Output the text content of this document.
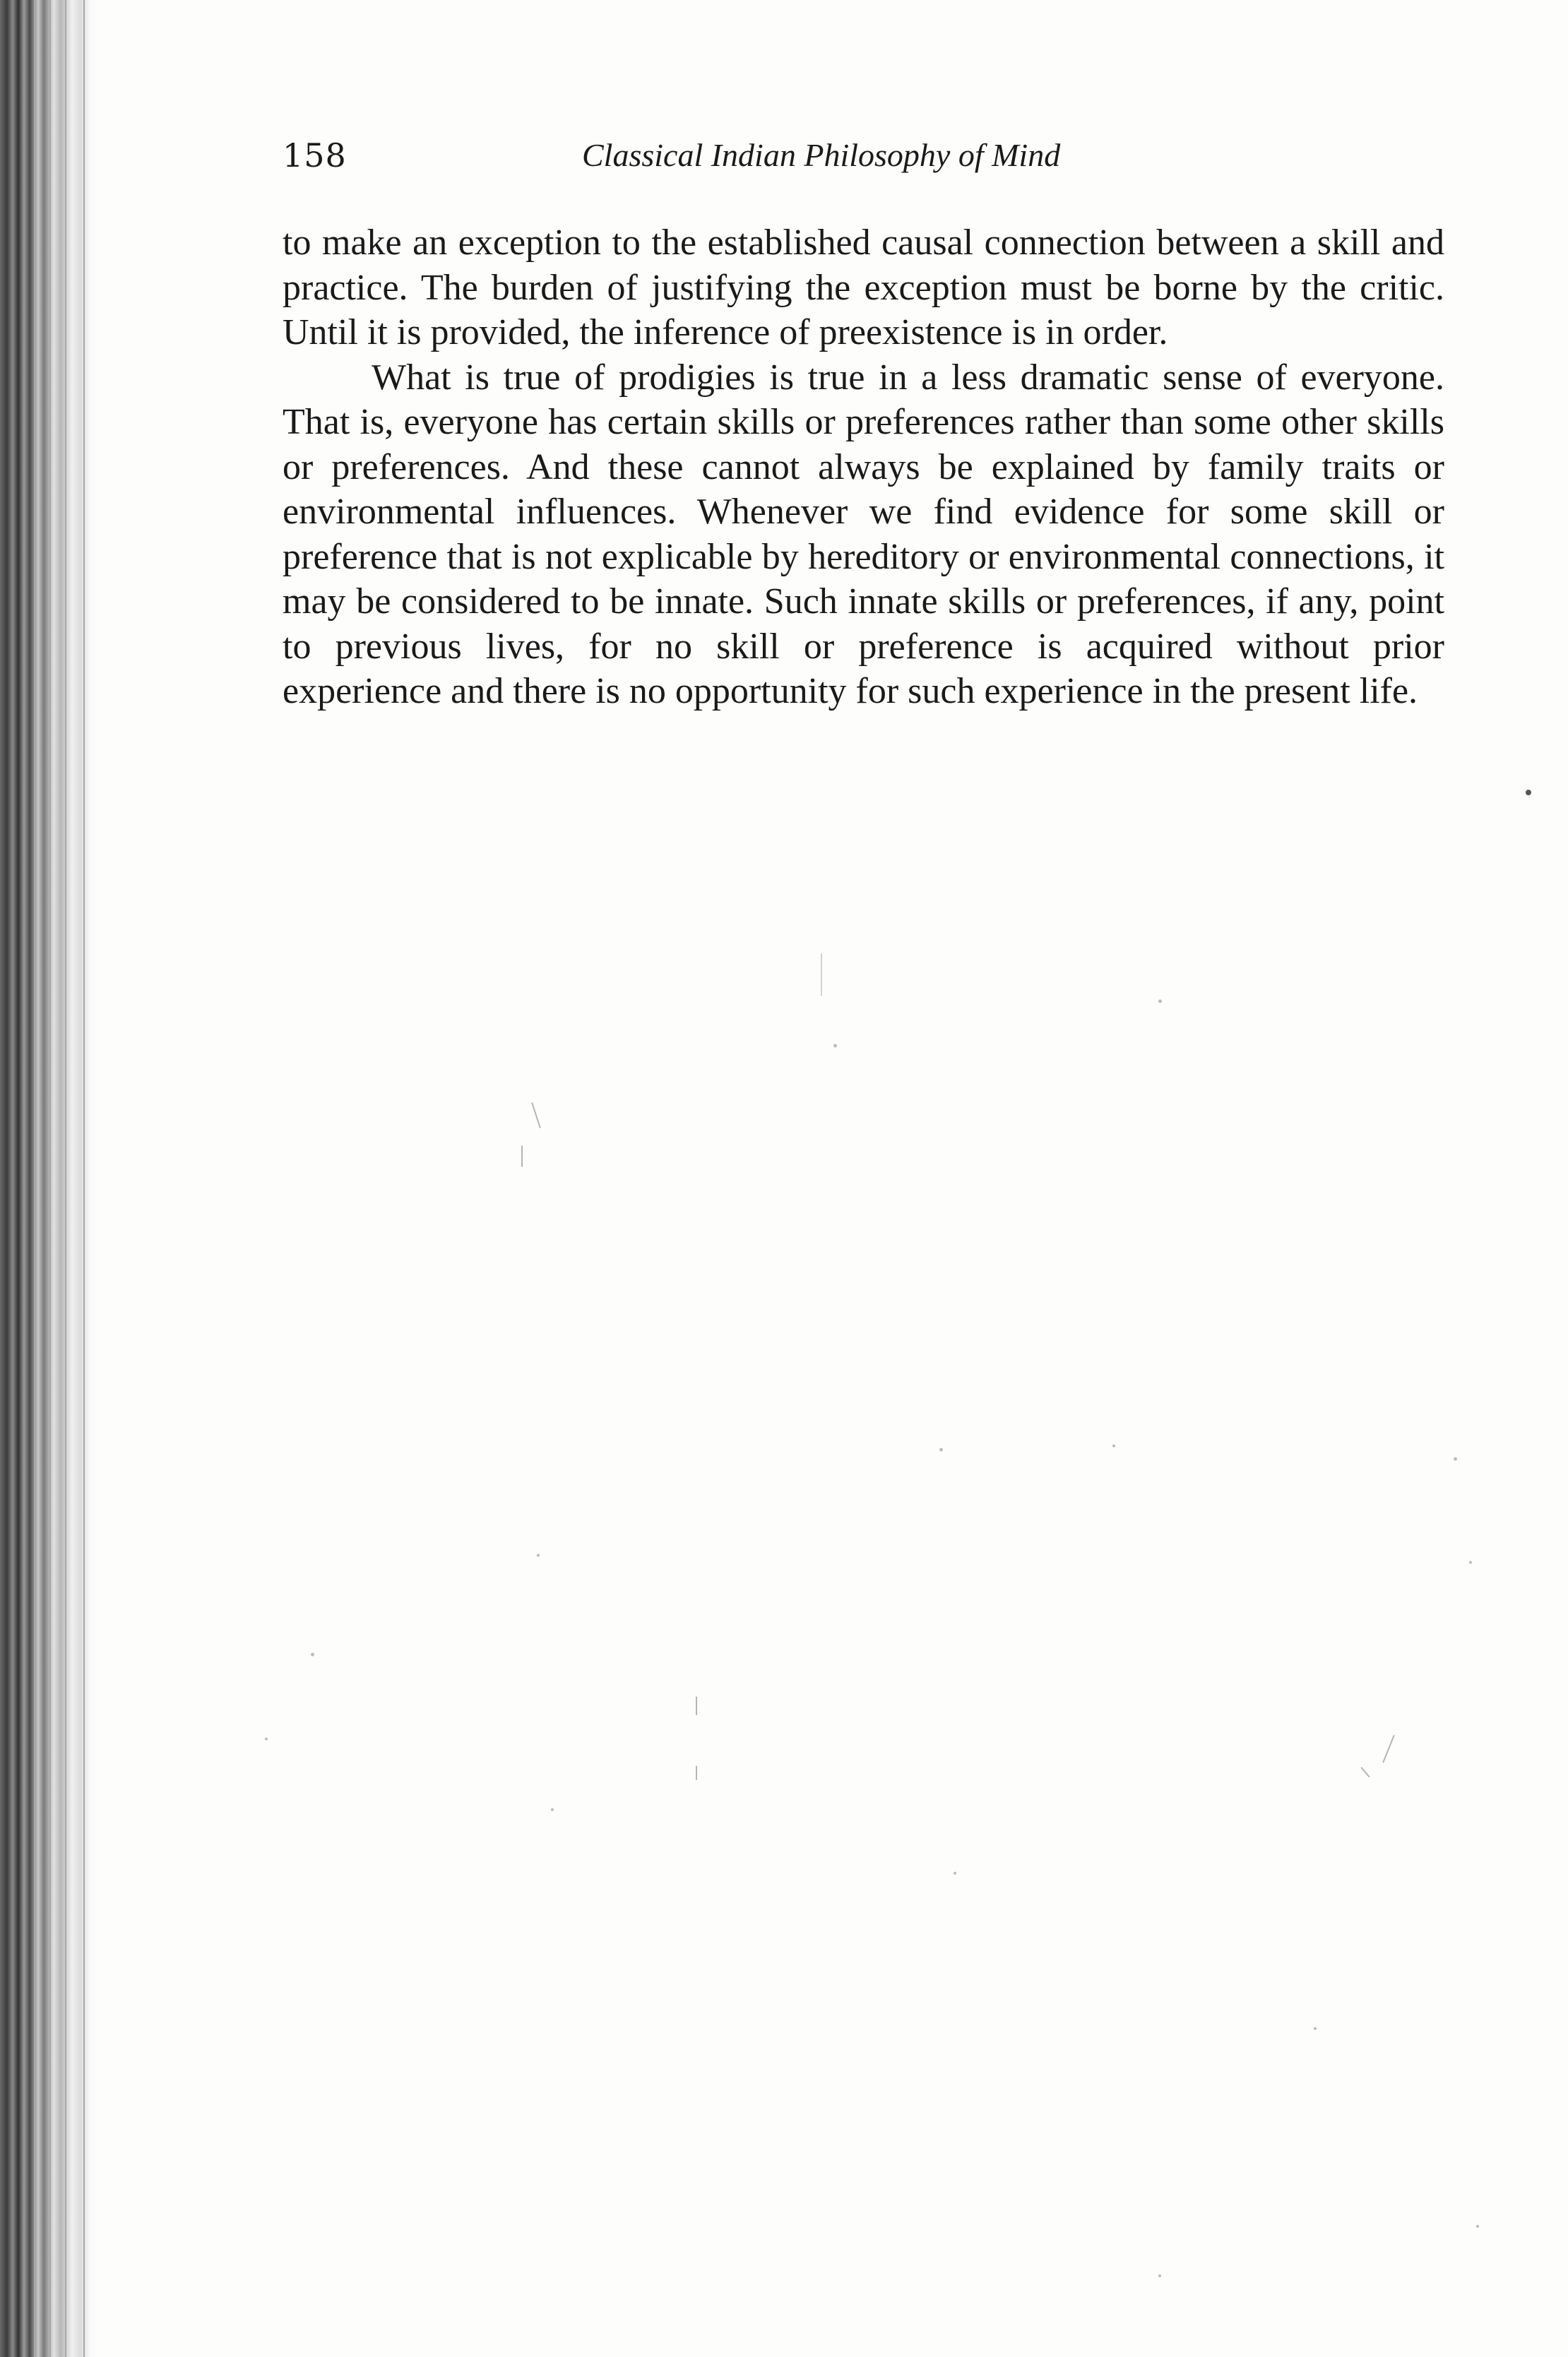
158	Classical Indian Philosophy of Mind

to make an exception to the established causal connection between a skill and practice. The burden of justifying the exception must be borne by the critic. Until it is provided, the inference of preexistence is in order.

What is true of prodigies is true in a less dramatic sense of everyone. That is, everyone has certain skills or preferences rather than some other skills or preferences. And these cannot always be explained by family traits or environmental influences. Whenever we find evidence for some skill or preference that is not explicable by hereditory or environmental connections, it may be considered to be innate. Such innate skills or preferences, if any, point to previous lives, for no skill or preference is acquired without prior experience and there is no opportunity for such experience in the present life.
